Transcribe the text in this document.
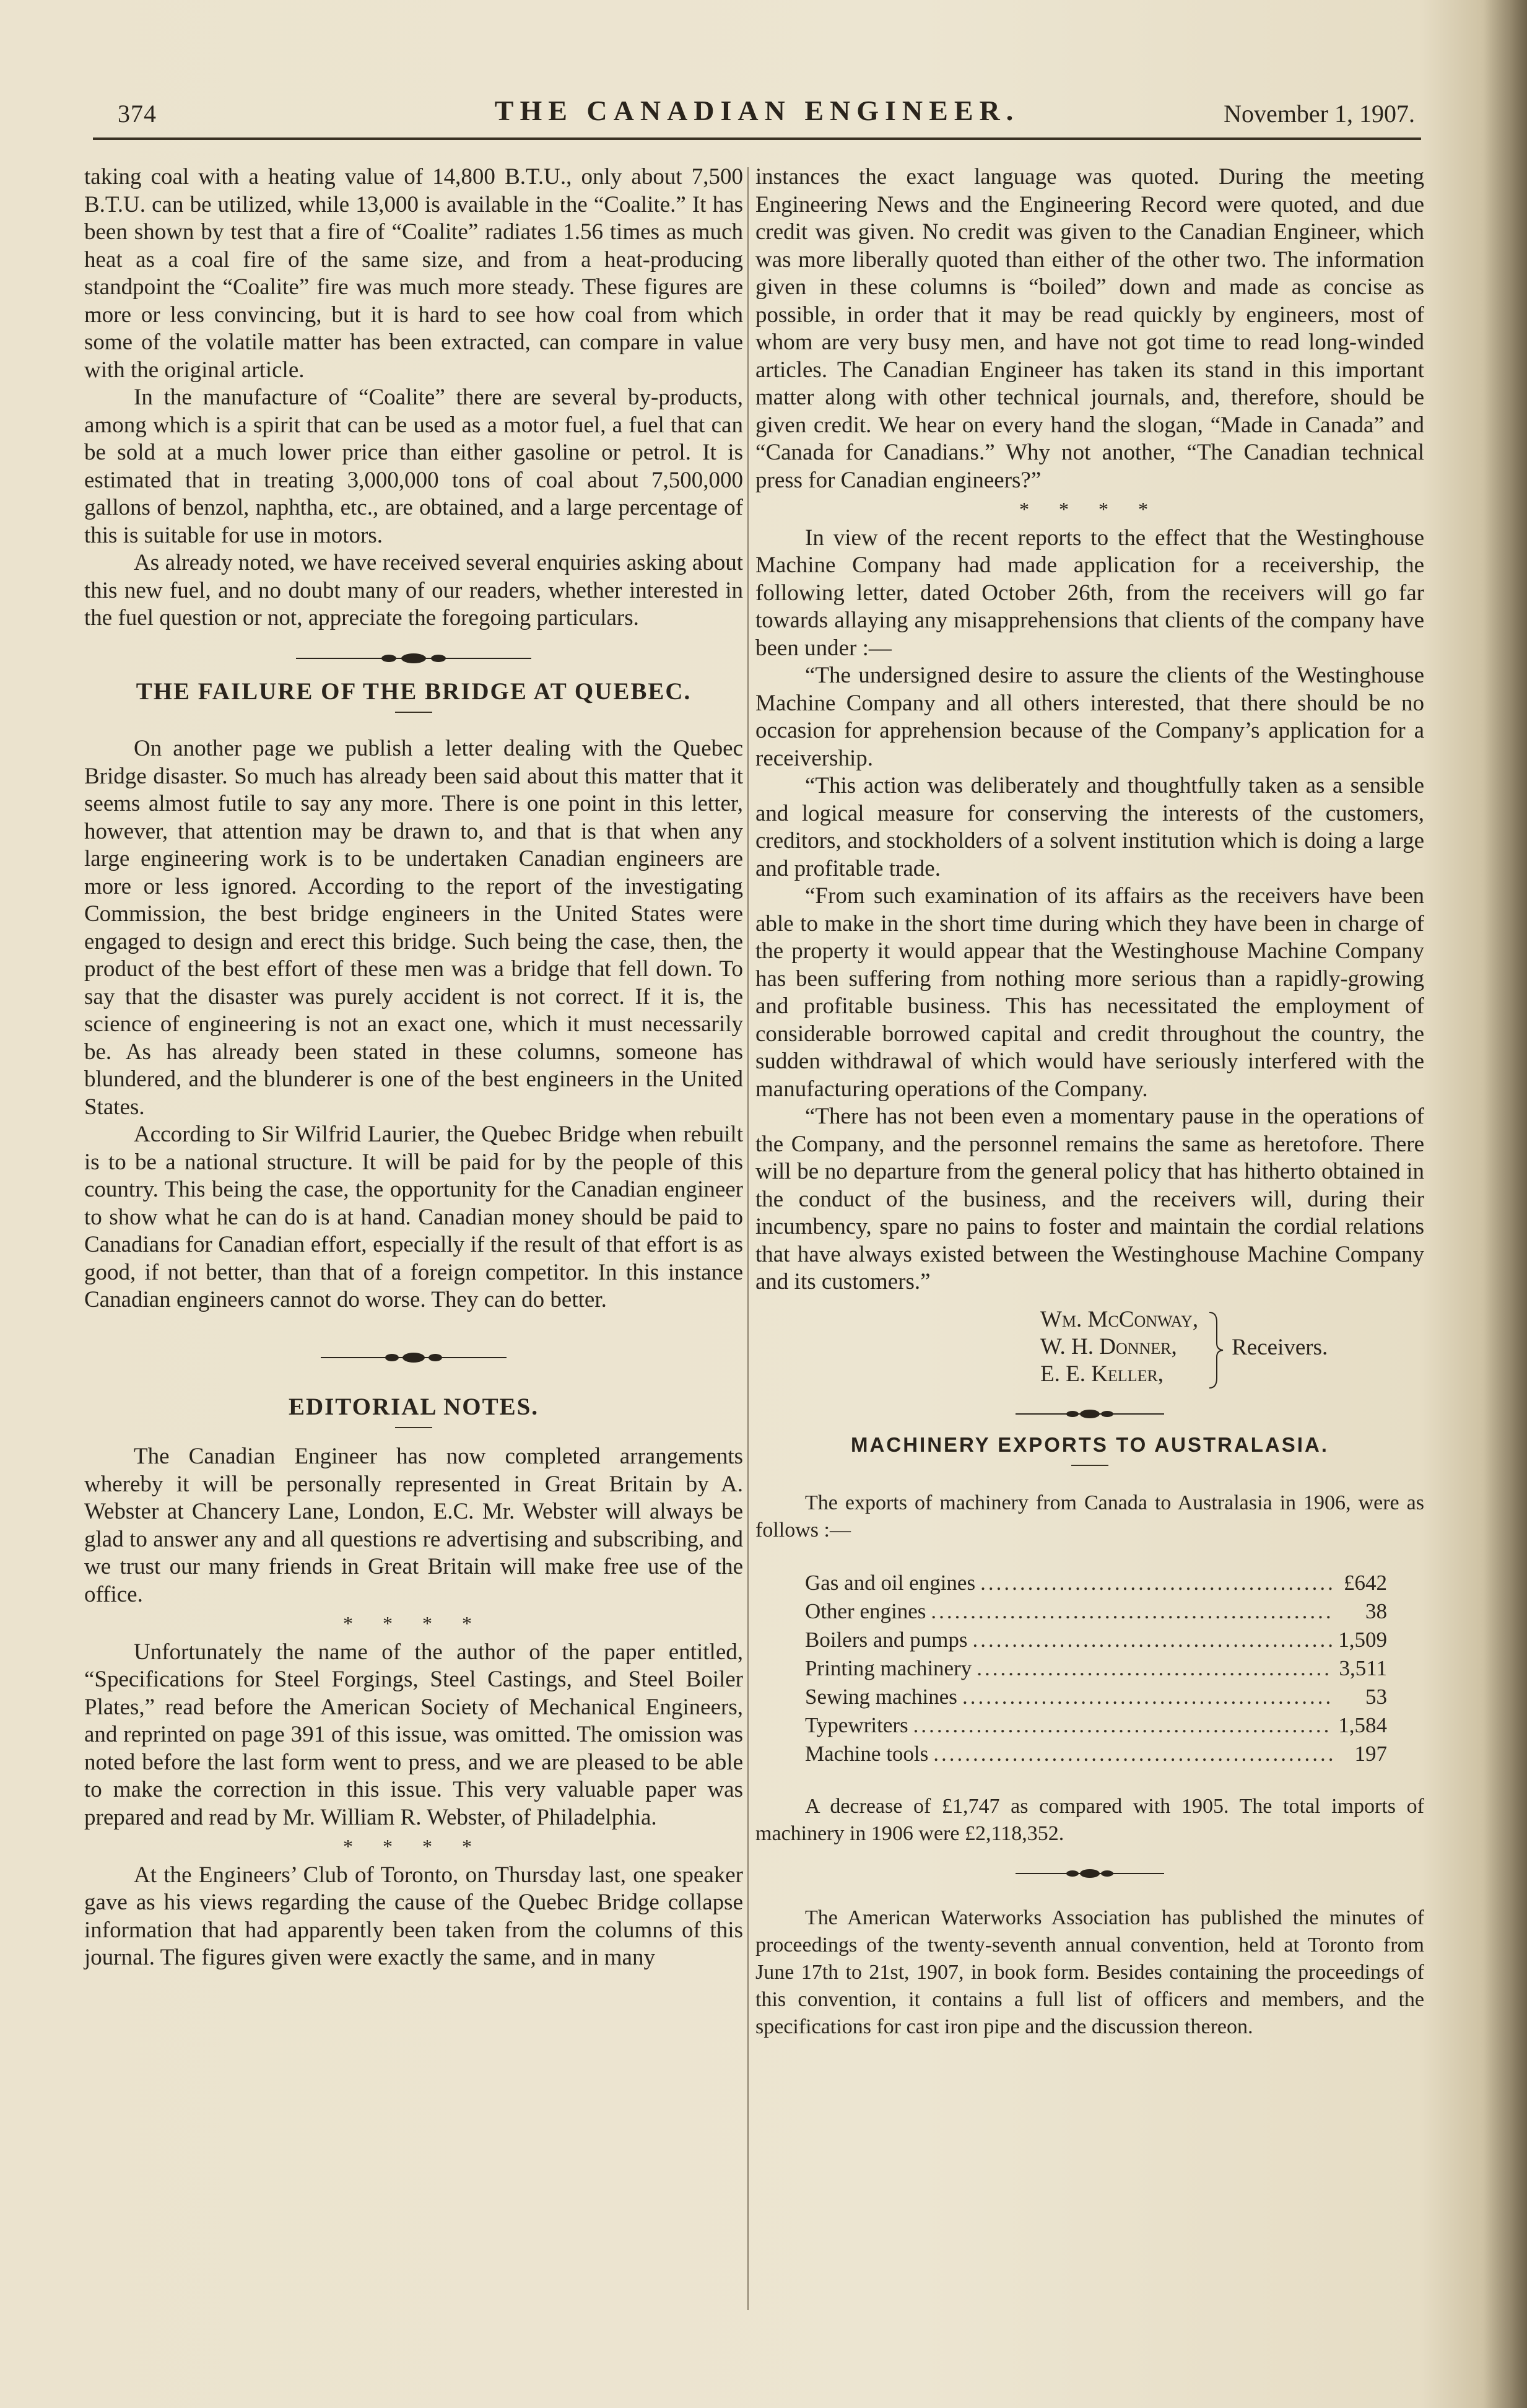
374	THE CANADIAN ENGINEER.	November 1, 1907.

taking coal with a heating value of 14,800 B.T.U., only about 7,500 B.T.U. can be utilized, while 13,000 is available in the “Coalite.” It has been shown by test that a fire of “Coalite” radiates 1.56 times as much heat as a coal fire of the same size, and from a heat-producing standpoint the “Coalite” fire was much more steady. These figures are more or less convincing, but it is hard to see how coal from which some of the volatile matter has been extracted, can compare in value with the original article.

In the manufacture of “Coalite” there are several by-products, among which is a spirit that can be used as a motor fuel, a fuel that can be sold at a much lower price than either gasoline or petrol. It is estimated that in treating 3,000,000 tons of coal about 7,500,000 gallons of benzol, naphtha, etc., are obtained, and a large percentage of this is suitable for use in motors.

As already noted, we have received several enquiries asking about this new fuel, and no doubt many of our readers, whether interested in the fuel question or not, appreciate the foregoing particulars.

THE FAILURE OF THE BRIDGE AT QUEBEC.

On another page we publish a letter dealing with the Quebec Bridge disaster. So much has already been said about this matter that it seems almost futile to say any more. There is one point in this letter, however, that attention may be drawn to, and that is that when any large engineering work is to be undertaken Canadian engineers are more or less ignored. According to the report of the investigating Commission, the best bridge engineers in the United States were engaged to design and erect this bridge. Such being the case, then, the product of the best effort of these men was a bridge that fell down. To say that the disaster was purely accident is not correct. If it is, the science of engineering is not an exact one, which it must necessarily be. As has already been stated in these columns, someone has blundered, and the blunderer is one of the best engineers in the United States.

According to Sir Wilfrid Laurier, the Quebec Bridge when rebuilt is to be a national structure. It will be paid for by the people of this country. This being the case, the opportunity for the Canadian engineer to show what he can do is at hand. Canadian money should be paid to Canadians for Canadian effort, especially if the result of that effort is as good, if not better, than that of a foreign competitor. In this instance Canadian engineers cannot do worse. They can do better.

EDITORIAL NOTES.

The Canadian Engineer has now completed arrangements whereby it will be personally represented in Great Britain by A. Webster at Chancery Lane, London, E.C. Mr. Webster will always be glad to answer any and all questions re advertising and subscribing, and we trust our many friends in Great Britain will make free use of the office.

* * * *

Unfortunately the name of the author of the paper entitled, “Specifications for Steel Forgings, Steel Castings, and Steel Boiler Plates,” read before the American Society of Mechanical Engineers, and reprinted on page 391 of this issue, was omitted. The omission was noted before the last form went to press, and we are pleased to be able to make the correction in this issue. This very valuable paper was prepared and read by Mr. William R. Webster, of Philadelphia.

* * * *

At the Engineers’ Club of Toronto, on Thursday last, one speaker gave as his views regarding the cause of the Quebec Bridge collapse information that had apparently been taken from the columns of this journal. The figures given were exactly the same, and in many

instances the exact language was quoted. During the meeting Engineering News and the Engineering Record were quoted, and due credit was given. No credit was given to the Canadian Engineer, which was more liberally quoted than either of the other two. The information given in these columns is “boiled” down and made as concise as possible, in order that it may be read quickly by engineers, most of whom are very busy men, and have not got time to read long-winded articles. The Canadian Engineer has taken its stand in this important matter along with other technical journals, and, therefore, should be given credit. We hear on every hand the slogan, “Made in Canada” and “Canada for Canadians.” Why not another, “The Canadian technical press for Canadian engineers?”

* * * *

In view of the recent reports to the effect that the Westinghouse Machine Company had made application for a receivership, the following letter, dated October 26th, from the receivers will go far towards allaying any misapprehensions that clients of the company have been under :—

“The undersigned desire to assure the clients of the Westinghouse Machine Company and all others interested, that there should be no occasion for apprehension because of the Company’s application for a receivership.

“This action was deliberately and thoughtfully taken as a sensible and logical measure for conserving the interests of the customers, creditors, and stockholders of a solvent institution which is doing a large and profitable trade.

“From such examination of its affairs as the receivers have been able to make in the short time during which they have been in charge of the property it would appear that the Westinghouse Machine Company has been suffering from nothing more serious than a rapidly-growing and profitable business. This has necessitated the employment of considerable borrowed capital and credit throughout the country, the sudden withdrawal of which would have seriously interfered with the manufacturing operations of the Company.

“There has not been even a momentary pause in the operations of the Company, and the personnel remains the same as heretofore. There will be no departure from the general policy that has hitherto obtained in the conduct of the business, and the receivers will, during their incumbency, spare no pains to foster and maintain the cordial relations that have always existed between the Westinghouse Machine Company and its customers.”

Wm. McConway,
W. H. Donner,
E. E. Keller,
Receivers.
MACHINERY EXPORTS TO AUSTRALASIA.

The exports of machinery from Canada to Australasia in 1906, were as follows :—

Gas and oil engines .....	£642
Other engines .....	38
Boilers and pumps .....	1,509
Printing machinery .....	3,511
Sewing machines .....	53
Typewriters .....	1,584
Machine tools .....	197

A decrease of £1,747 as compared with 1905. The total imports of machinery in 1906 were £2,118,352.

The American Waterworks Association has published the minutes of proceedings of the twenty-seventh annual convention, held at Toronto from June 17th to 21st, 1907, in book form. Besides containing the proceedings of this convention, it contains a full list of officers and members, and the specifications for cast iron pipe and the discussion thereon.
